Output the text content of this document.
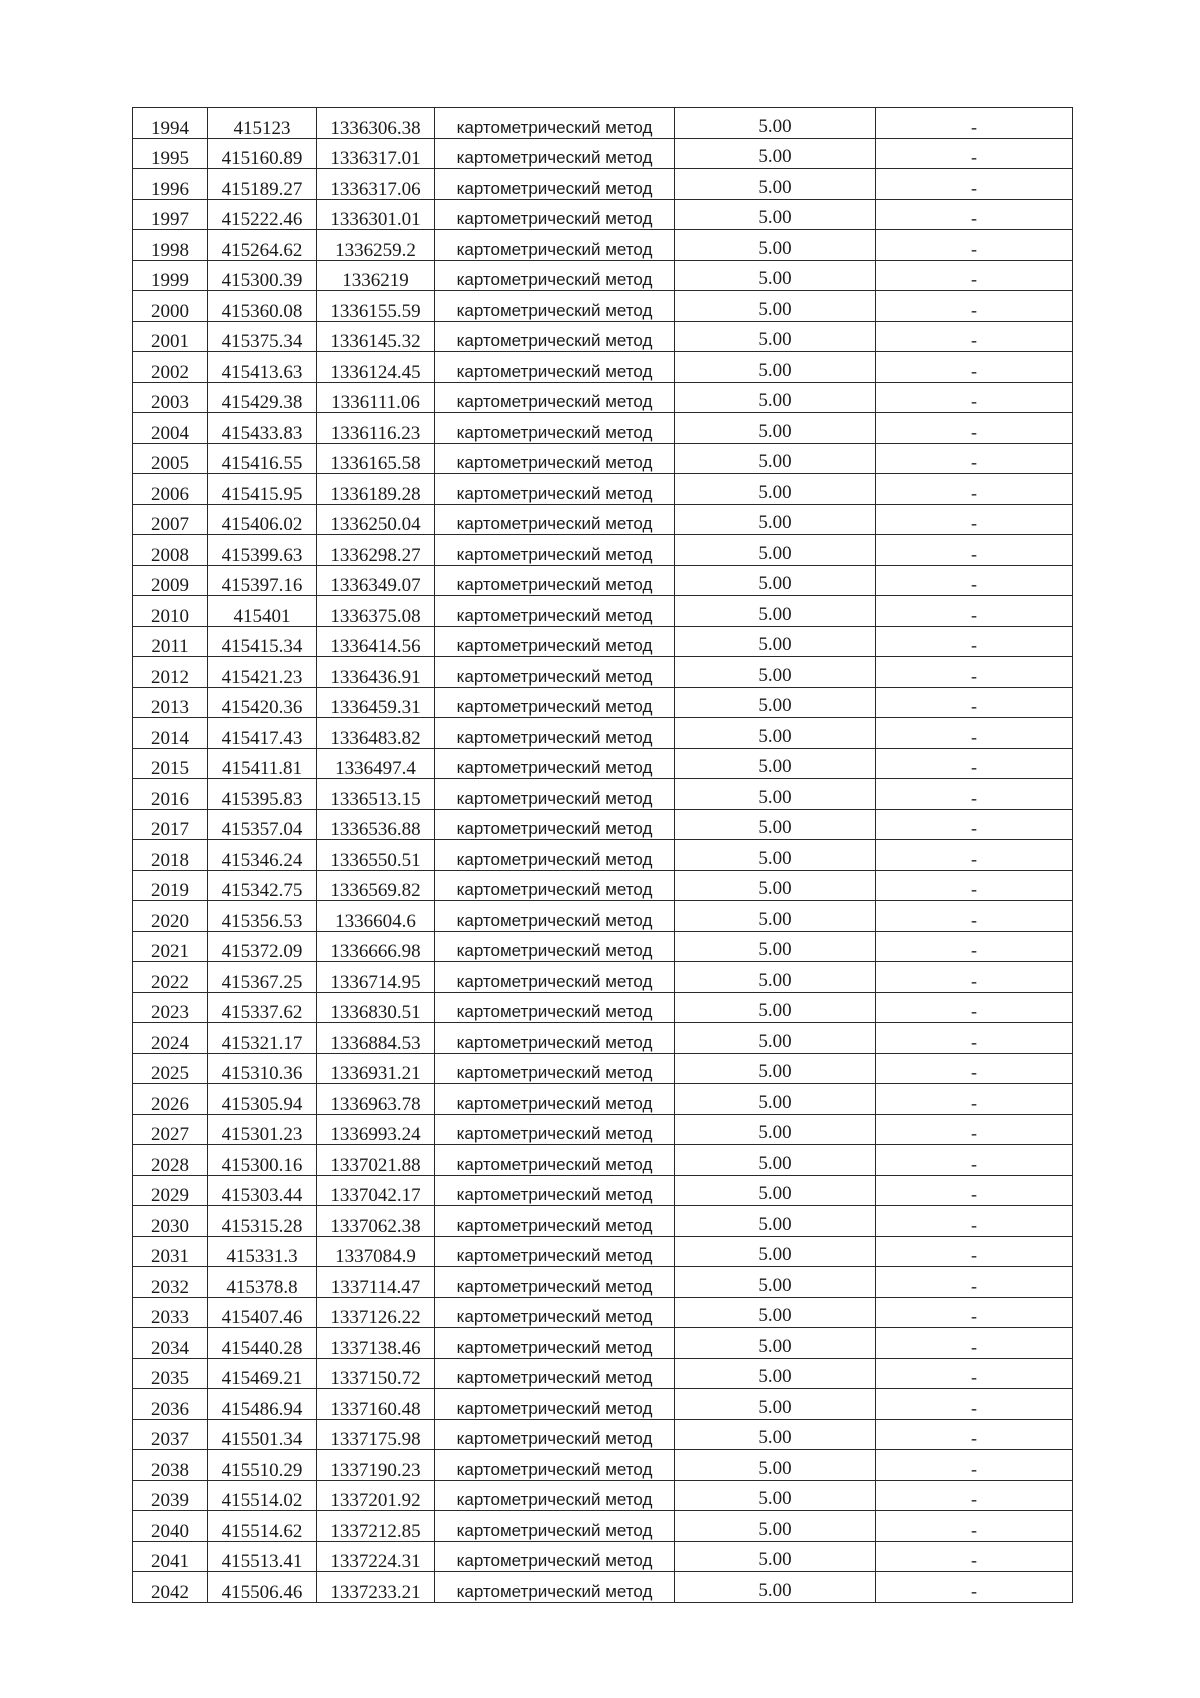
1994	415123	1336306.38	картометрический метод	5.00	-
1995	415160.89	1336317.01	картометрический метод	5.00	-
1996	415189.27	1336317.06	картометрический метод	5.00	-
1997	415222.46	1336301.01	картометрический метод	5.00	-
1998	415264.62	1336259.2	картометрический метод	5.00	-
1999	415300.39	1336219	картометрический метод	5.00	-
2000	415360.08	1336155.59	картометрический метод	5.00	-
2001	415375.34	1336145.32	картометрический метод	5.00	-
2002	415413.63	1336124.45	картометрический метод	5.00	-
2003	415429.38	1336111.06	картометрический метод	5.00	-
2004	415433.83	1336116.23	картометрический метод	5.00	-
2005	415416.55	1336165.58	картометрический метод	5.00	-
2006	415415.95	1336189.28	картометрический метод	5.00	-
2007	415406.02	1336250.04	картометрический метод	5.00	-
2008	415399.63	1336298.27	картометрический метод	5.00	-
2009	415397.16	1336349.07	картометрический метод	5.00	-
2010	415401	1336375.08	картометрический метод	5.00	-
2011	415415.34	1336414.56	картометрический метод	5.00	-
2012	415421.23	1336436.91	картометрический метод	5.00	-
2013	415420.36	1336459.31	картометрический метод	5.00	-
2014	415417.43	1336483.82	картометрический метод	5.00	-
2015	415411.81	1336497.4	картометрический метод	5.00	-
2016	415395.83	1336513.15	картометрический метод	5.00	-
2017	415357.04	1336536.88	картометрический метод	5.00	-
2018	415346.24	1336550.51	картометрический метод	5.00	-
2019	415342.75	1336569.82	картометрический метод	5.00	-
2020	415356.53	1336604.6	картометрический метод	5.00	-
2021	415372.09	1336666.98	картометрический метод	5.00	-
2022	415367.25	1336714.95	картометрический метод	5.00	-
2023	415337.62	1336830.51	картометрический метод	5.00	-
2024	415321.17	1336884.53	картометрический метод	5.00	-
2025	415310.36	1336931.21	картометрический метод	5.00	-
2026	415305.94	1336963.78	картометрический метод	5.00	-
2027	415301.23	1336993.24	картометрический метод	5.00	-
2028	415300.16	1337021.88	картометрический метод	5.00	-
2029	415303.44	1337042.17	картометрический метод	5.00	-
2030	415315.28	1337062.38	картометрический метод	5.00	-
2031	415331.3	1337084.9	картометрический метод	5.00	-
2032	415378.8	1337114.47	картометрический метод	5.00	-
2033	415407.46	1337126.22	картометрический метод	5.00	-
2034	415440.28	1337138.46	картометрический метод	5.00	-
2035	415469.21	1337150.72	картометрический метод	5.00	-
2036	415486.94	1337160.48	картометрический метод	5.00	-
2037	415501.34	1337175.98	картометрический метод	5.00	-
2038	415510.29	1337190.23	картометрический метод	5.00	-
2039	415514.02	1337201.92	картометрический метод	5.00	-
2040	415514.62	1337212.85	картометрический метод	5.00	-
2041	415513.41	1337224.31	картометрический метод	5.00	-
2042	415506.46	1337233.21	картометрический метод	5.00	-
